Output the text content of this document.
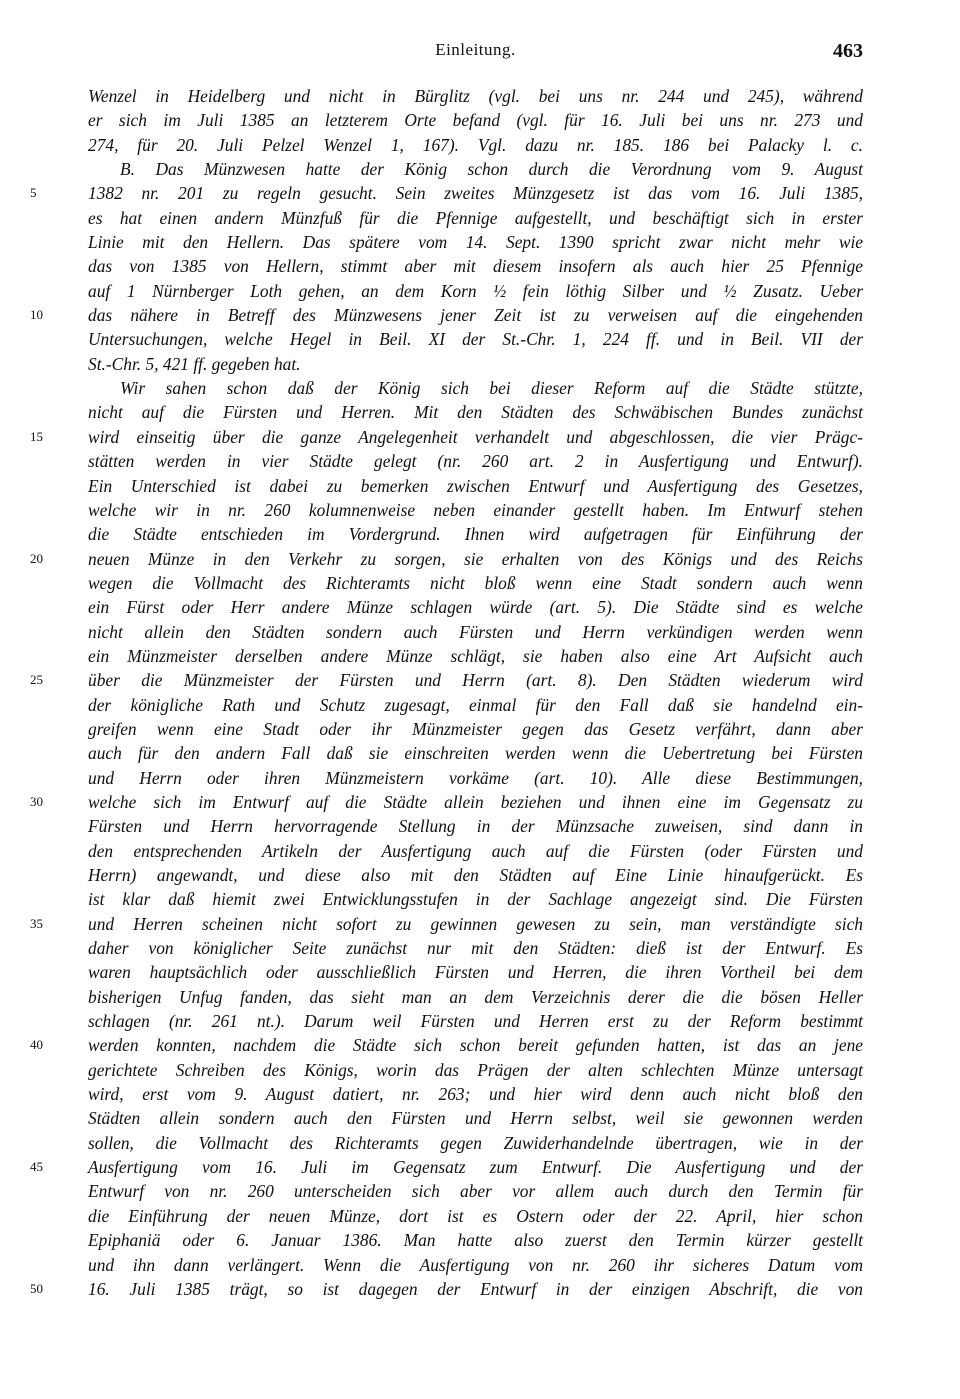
Einleitung.	463
Wenzel in Heidelberg und nicht in Bürglitz (vgl. bei uns nr. 244 und 245), während
er sich im Juli 1385 an letzterem Orte befand (vgl. für 16. Juli bei uns nr. 273 und
274, für 20. Juli Pelzel Wenzel 1, 167). Vgl. dazu nr. 185. 186 bei Palacky l. c.
B. Das Münzwesen hatte der König schon durch die Verordnung vom 9. August
5	1382 nr. 201 zu regeln gesucht. Sein zweites Münzgesetz ist das vom 16. Juli 1385,
es hat einen andern Münzfuß für die Pfennige aufgestellt, und beschäftigt sich in erster
Linie mit den Hellern. Das spätere vom 14. Sept. 1390 spricht zwar nicht mehr wie
das von 1385 von Hellern, stimmt aber mit diesem insofern als auch hier 25 Pfennige
auf 1 Nürnberger Loth gehen, an dem Korn ½ fein löthig Silber und ½ Zusatz. Ueber
10	das nähere in Betreff des Münzwesens jener Zeit ist zu verweisen auf die eingehenden
Untersuchungen, welche Hegel in Beil. XI der St.-Chr. 1, 224 ff. und in Beil. VII der
St.-Chr. 5, 421 ff. gegeben hat.
Wir sahen schon daß der König sich bei dieser Reform auf die Städte stützte,
nicht auf die Fürsten und Herren. Mit den Städten des Schwäbischen Bundes zunächst
15	wird einseitig über die ganze Angelegenheit verhandelt und abgeschlossen, die vier Prägc-
stätten werden in vier Städte gelegt (nr. 260 art. 2 in Ausfertigung und Entwurf).
Ein Unterschied ist dabei zu bemerken zwischen Entwurf und Ausfertigung des Gesetzes,
welche wir in nr. 260 kolumnenweise neben einander gestellt haben. Im Entwurf stehen
die Städte entschieden im Vordergrund. Ihnen wird aufgetragen für Einführung der
20	neuen Münze in den Verkehr zu sorgen, sie erhalten von des Königs und des Reichs
wegen die Vollmacht des Richteramts nicht bloß wenn eine Stadt sondern auch wenn
ein Fürst oder Herr andere Münze schlagen würde (art. 5). Die Städte sind es welche
nicht allein den Städten sondern auch Fürsten und Herrn verkündigen werden wenn
ein Münzmeister derselben andere Münze schlägt, sie haben also eine Art Aufsicht auch
25	über die Münzmeister der Fürsten und Herrn (art. 8). Den Städten wiederum wird
der königliche Rath und Schutz zugesagt, einmal für den Fall daß sie handelnd ein-
greifen wenn eine Stadt oder ihr Münzmeister gegen das Gesetz verfährt, dann aber
auch für den andern Fall daß sie einschreiten werden wenn die Uebertretung bei Fürsten
und Herrn oder ihren Münzmeistern vorkäme (art. 10). Alle diese Bestimmungen,
30	welche sich im Entwurf auf die Städte allein beziehen und ihnen eine im Gegensatz zu
Fürsten und Herrn hervorragende Stellung in der Münzsache zuweisen, sind dann in
den entsprechenden Artikeln der Ausfertigung auch auf die Fürsten (oder Fürsten und
Herrn) angewandt, und diese also mit den Städten auf Eine Linie hinaufgerückt. Es
ist klar daß hiemit zwei Entwicklungsstufen in der Sachlage angezeigt sind. Die Fürsten
35	und Herren scheinen nicht sofort zu gewinnen gewesen zu sein, man verständigte sich
daher von königlicher Seite zunächst nur mit den Städten: dieß ist der Entwurf. Es
waren hauptsächlich oder ausschließlich Fürsten und Herren, die ihren Vortheil bei dem
bisherigen Unfug fanden, das sieht man an dem Verzeichnis derer die die bösen Heller
schlagen (nr. 261 nt.). Darum weil Fürsten und Herren erst zu der Reform bestimmt
40	werden konnten, nachdem die Städte sich schon bereit gefunden hatten, ist das an jene
gerichtete Schreiben des Königs, worin das Prägen der alten schlechten Münze untersagt
wird, erst vom 9. August datiert, nr. 263; und hier wird denn auch nicht bloß den
Städten allein sondern auch den Fürsten und Herrn selbst, weil sie gewonnen werden
sollen, die Vollmacht des Richteramts gegen Zuwiderhandelnde übertragen, wie in der
45	Ausfertigung vom 16. Juli im Gegensatz zum Entwurf. Die Ausfertigung und der
Entwurf von nr. 260 unterscheiden sich aber vor allem auch durch den Termin für
die Einführung der neuen Münze, dort ist es Ostern oder der 22. April, hier schon
Epiphaniä oder 6. Januar 1386. Man hatte also zuerst den Termin kürzer gestellt
und ihn dann verlängert. Wenn die Ausfertigung von nr. 260 ihr sicheres Datum vom
50	16. Juli 1385 trägt, so ist dagegen der Entwurf in der einzigen Abschrift, die von
